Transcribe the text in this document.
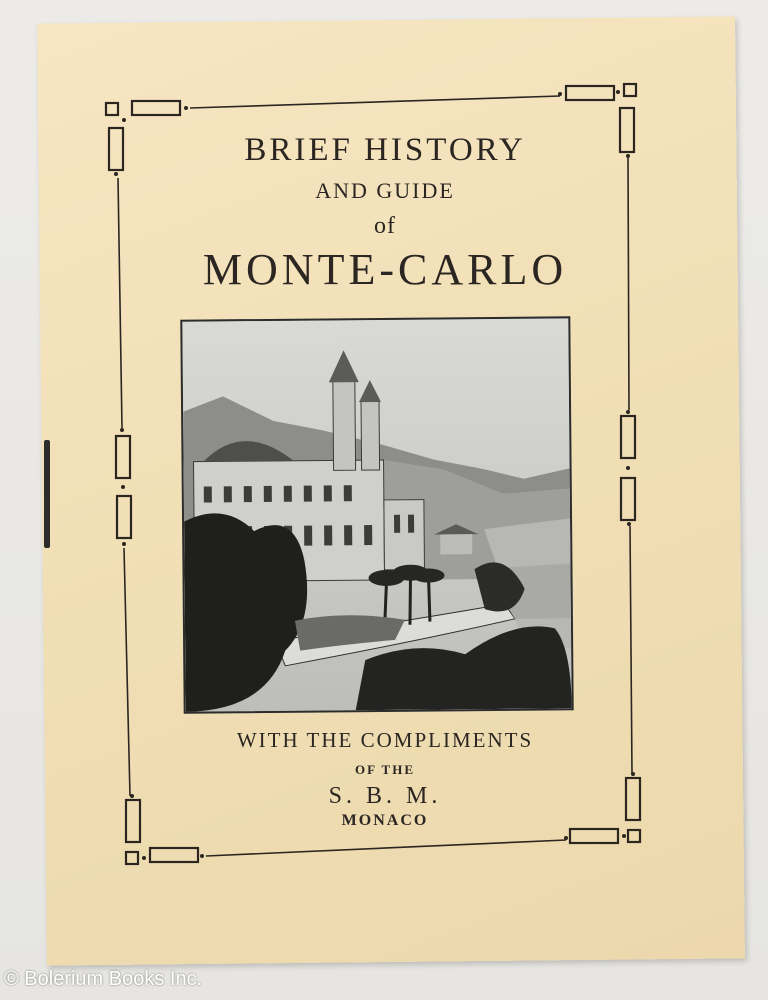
BRIEF HISTORY
AND GUIDE

of

MONTE-CARLO

WITH THE COMPLIMENTS

OF THE

S. B. M.

MONACO

© Bolerium Books Inc.
